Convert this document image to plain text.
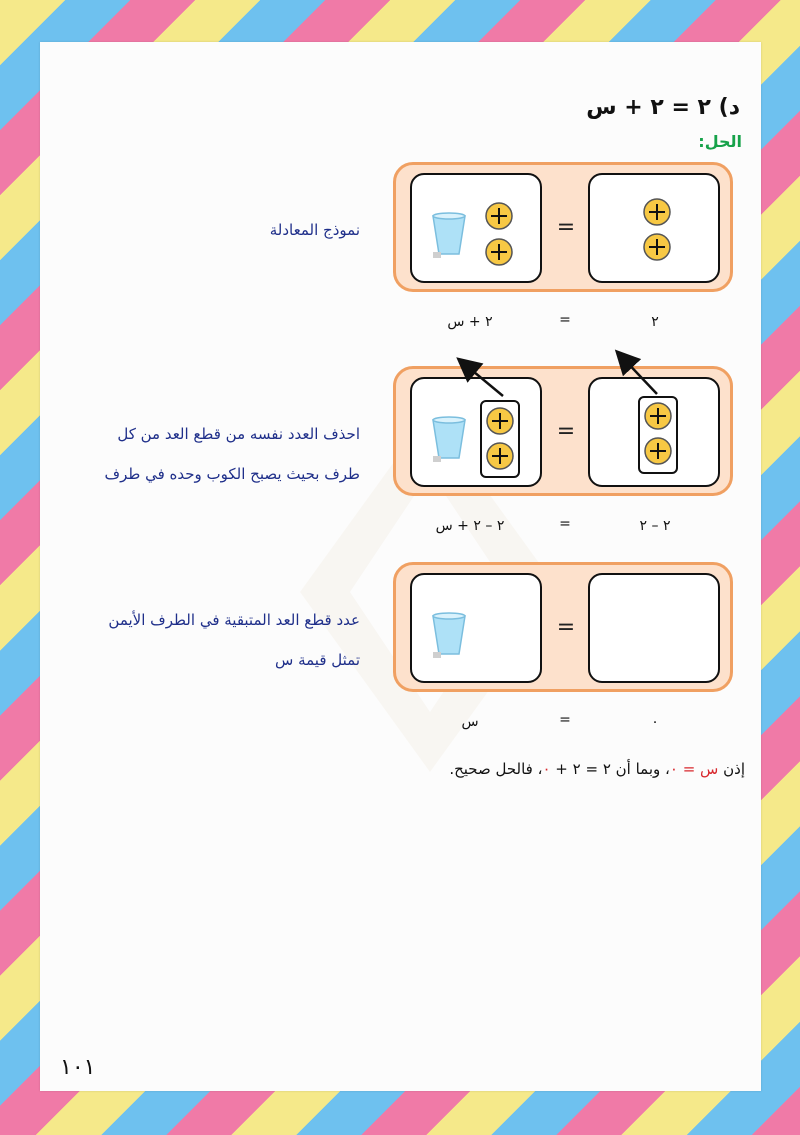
د) ٢ = ٢ + س
الحل:
=
نموذج المعادلة
٢ + س	=	٢
=
احذف العدد نفسه من قطع العد من كل
طرف بحيث يصبح الكوب وحده في طرف
٢ – ٢ + س	=	٢ – ٢
=
عدد قطع العد المتبقية في الطرف الأيمن
تمثل قيمة س
س	=	٠
إذن س = ٠، وبما أن ٢ = ٢ + ٠، فالحل صحيح.
١٠١
